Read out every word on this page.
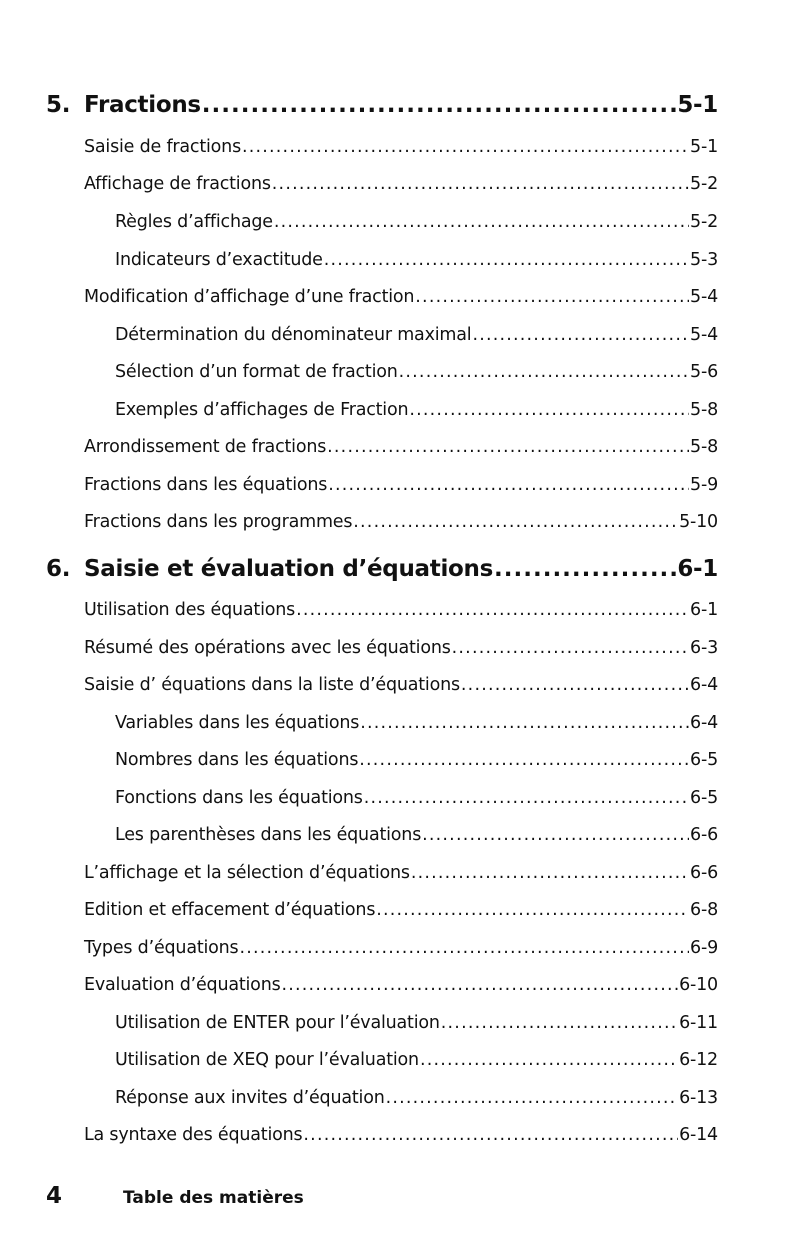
5. Fractions .....	5-1
Saisie de fractions .....	5-1
Affichage de fractions .....	5-2
Règles d’affichage .....	5-2
Indicateurs d’exactitude .....	5-3
Modification d’affichage d’une fraction .....	5-4
Détermination du dénominateur maximal .....	5-4
Sélection d’un format de fraction .....	5-6
Exemples d’affichages de Fraction .....	5-8
Arrondissement de fractions .....	5-8
Fractions dans les équations .....	5-9
Fractions dans les programmes .....	5-10
6. Saisie et évaluation d’équations .....	6-1
Utilisation des équations .....	6-1
Résumé des opérations avec les équations .....	6-3
Saisie d’ équations dans la liste d’équations .....	6-4
Variables dans les équations .....	6-4
Nombres dans les équations .....	6-5
Fonctions dans les équations .....	6-5
Les parenthèses dans les équations .....	6-6
L’affichage et la sélection d’équations .....	6-6
Edition et effacement d’équations .....	6-8
Types d’équations .....	6-9
Evaluation d’équations .....	6-10
Utilisation de ENTER pour l’évaluation .....	6-11
Utilisation de XEQ pour l’évaluation .....	6-12
Réponse aux invites d’équation .....	6-13
La syntaxe des équations .....	6-14
4	Table des matières
